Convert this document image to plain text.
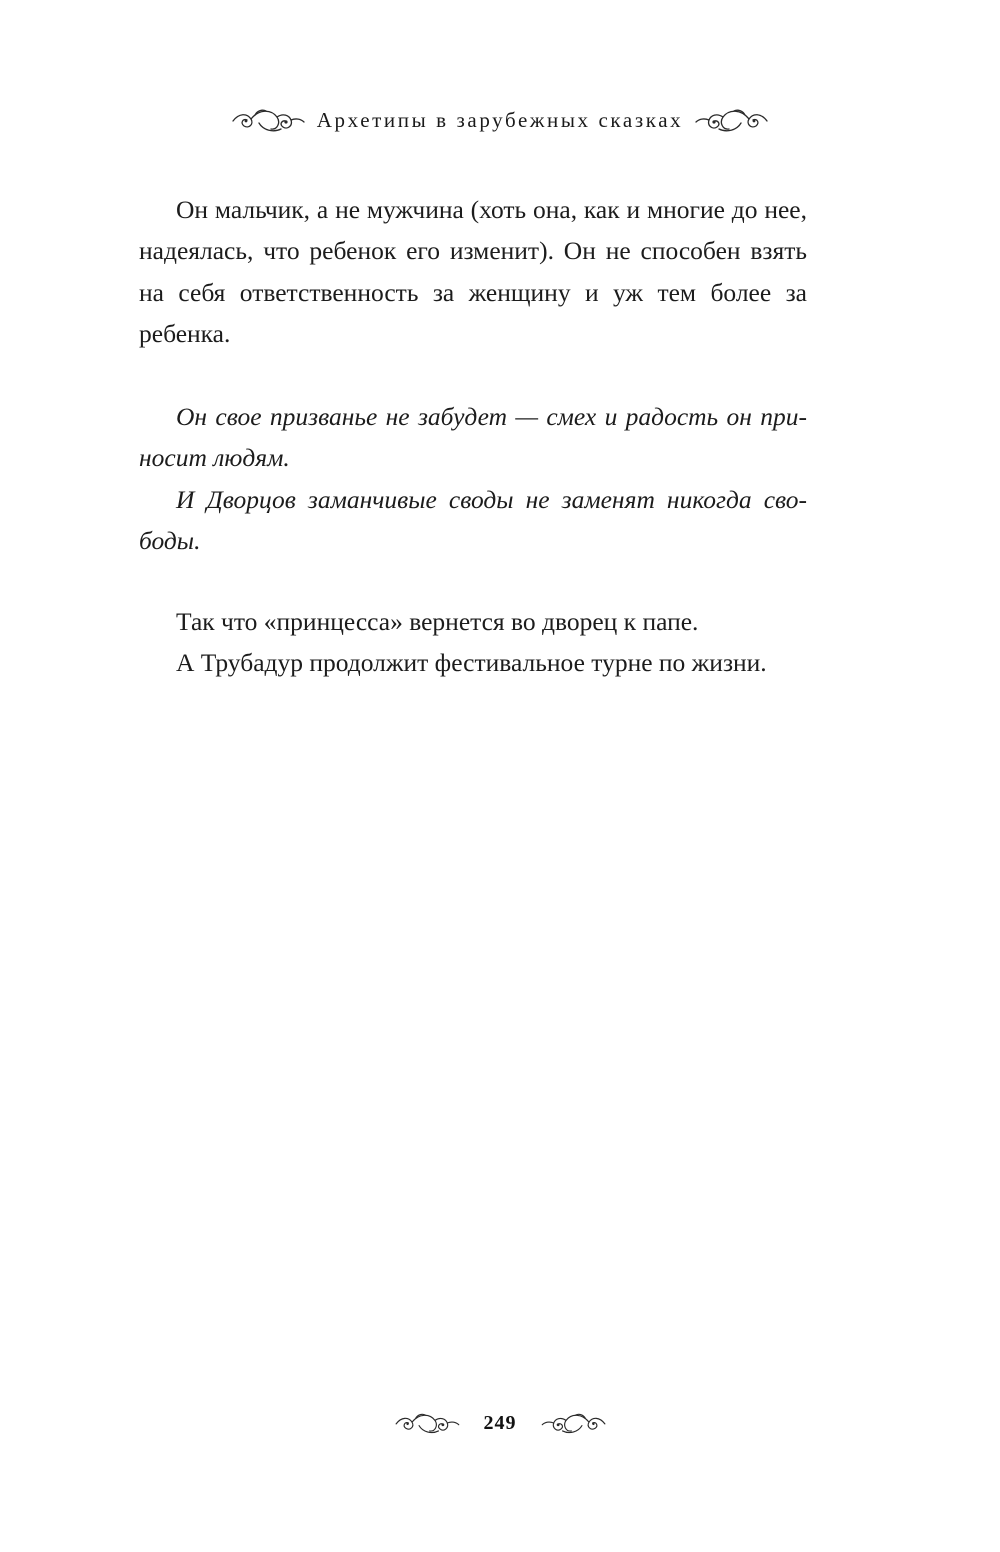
Архетипы в зарубежных сказках

Он мальчик, а не мужчина (хоть она, как и многие до нее, надеялась, что ребенок его изменит). Он не способен взять на себя ответственность за женщину и уж тем более за ребенка.

Он свое призванье не забудет — смех и радость он приносит людям.

И Дворцов заманчивые своды не заменят никогда свободы.

Так что «принцесса» вернется во дворец к папе.

А Трубадур продолжит фестивальное турне по жизни.

249
